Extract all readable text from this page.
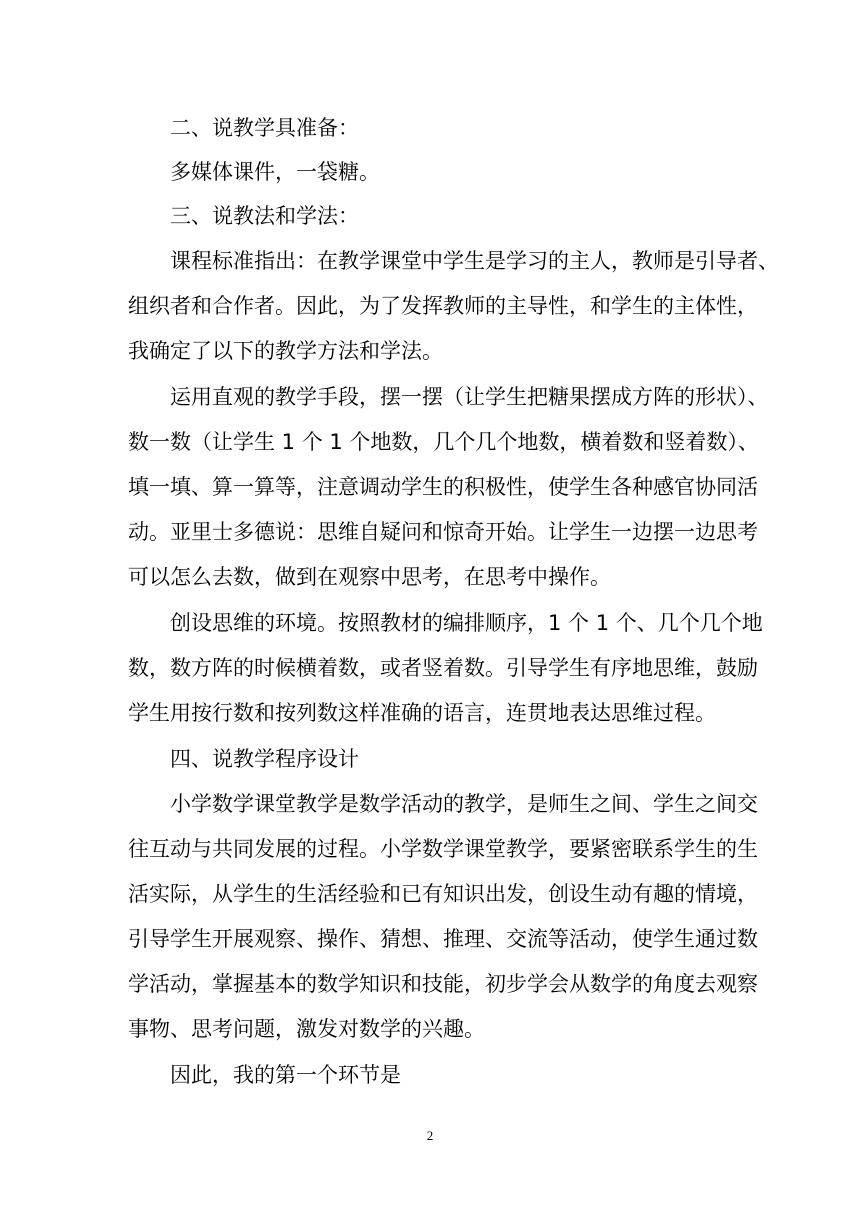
二、说教学具准备：
多媒体课件，一袋糖。
三、说教法和学法：
课程标准指出：在教学课堂中学生是学习的主人，教师是引导者、
组织者和合作者。因此，为了发挥教师的主导性，和学生的主体性，
我确定了以下的教学方法和学法。
运用直观的教学手段，摆一摆（让学生把糖果摆成方阵的形状）、
数一数（让学生 1 个 1 个地数，几个几个地数，横着数和竖着数）、
填一填、算一算等，注意调动学生的积极性，使学生各种感官协同活
动。亚里士多德说：思维自疑问和惊奇开始。让学生一边摆一边思考
可以怎么去数，做到在观察中思考，在思考中操作。
创设思维的环境。按照教材的编排顺序，1 个 1 个、几个几个地
数，数方阵的时候横着数，或者竖着数。引导学生有序地思维，鼓励
学生用按行数和按列数这样准确的语言，连贯地表达思维过程。
四、说教学程序设计
小学数学课堂教学是数学活动的教学，是师生之间、学生之间交
往互动与共同发展的过程。小学数学课堂教学，要紧密联系学生的生
活实际，从学生的生活经验和已有知识出发，创设生动有趣的情境，
引导学生开展观察、操作、猜想、推理、交流等活动，使学生通过数
学活动，掌握基本的数学知识和技能，初步学会从数学的角度去观察
事物、思考问题，激发对数学的兴趣。
因此，我的第一个环节是
2
